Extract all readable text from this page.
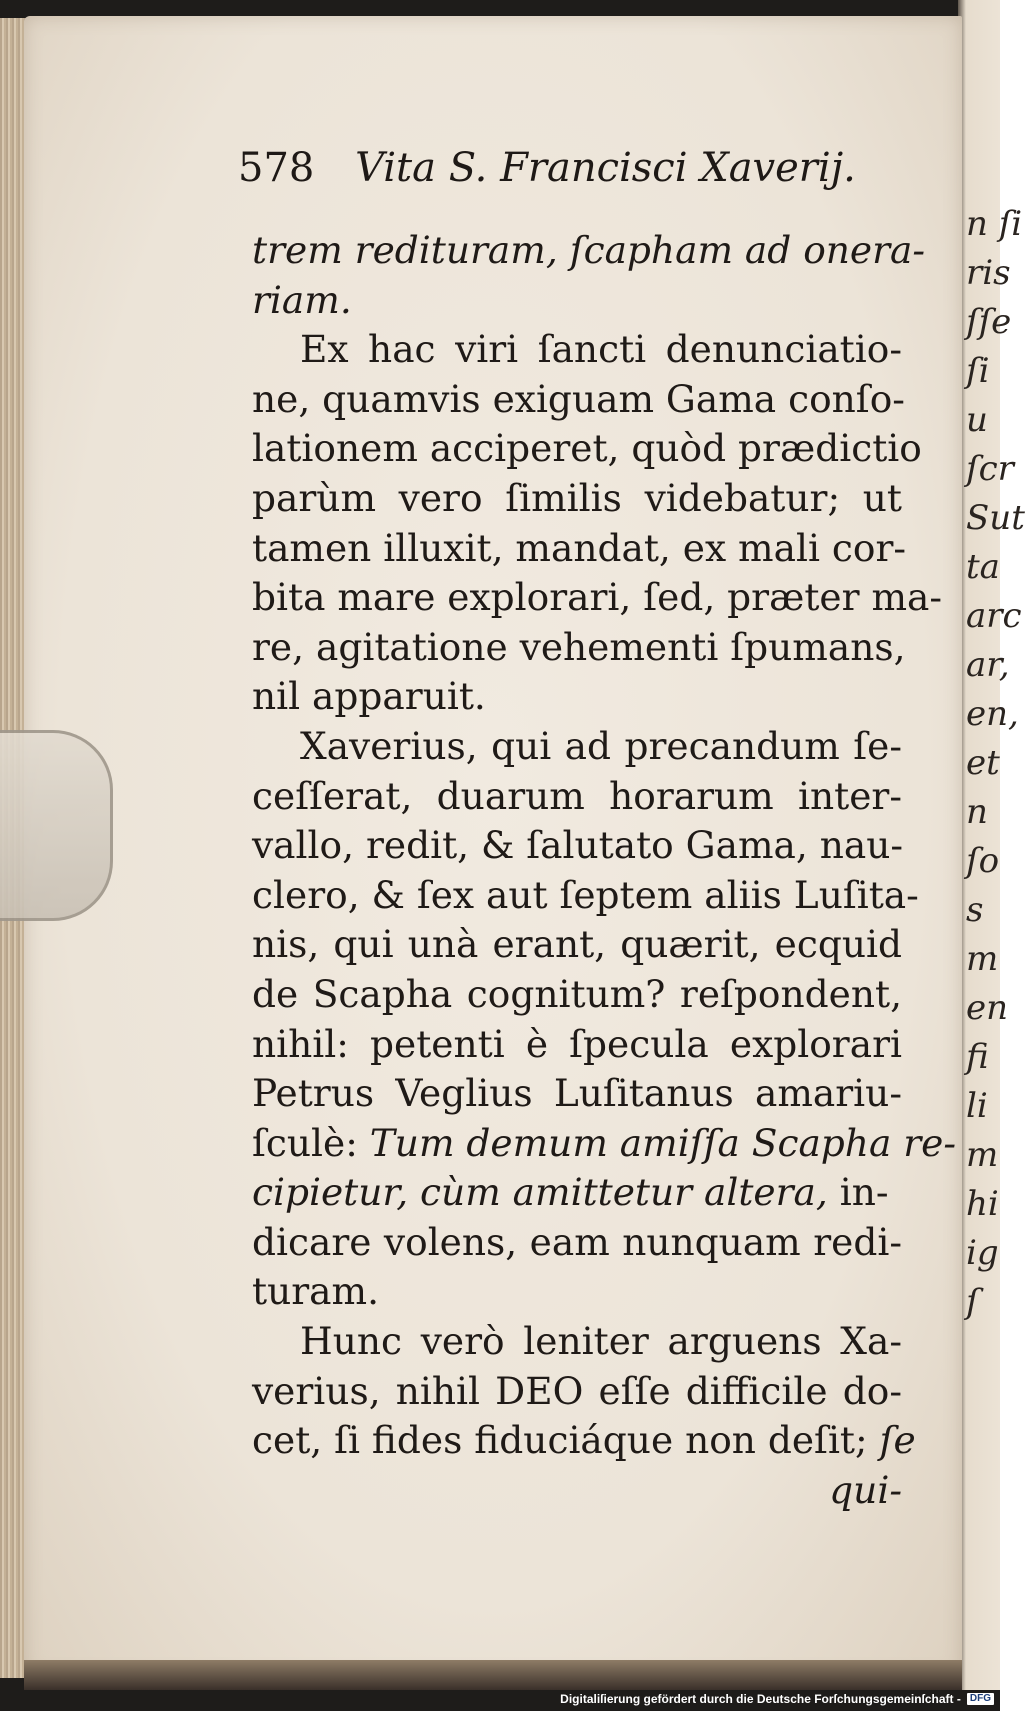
n ſi
ris
ſſe
ſi
u
ſcr
Sut
ta
arc
ar,
en,
et
n
ſo
s
m
en
fi
li
m
hi
ig
ſ
578 Vita S. Francisci Xaverij.
trem redituram, ſcapham ad onera-
riam.
Ex hac viri ſancti denunciatio-
ne, quamvis exiguam Gama conſo-
lationem acciperet, quòd prædictio
parùm vero ſimilis videbatur; ut
tamen illuxit, mandat, ex mali cor-
bita mare explorari, ſed, præter ma-
re, agitatione vehementi ſpumans,
nil apparuit.
Xaverius, qui ad precandum ſe-
ceſſerat, duarum horarum inter-
vallo, redit, & ſalutato Gama, nau-
clero, & ſex aut ſeptem aliis Luſita-
nis, qui unà erant, quærit, ecquid
de Scapha cognitum? reſpondent,
nihil: petenti è ſpecula explorari
Petrus Veglius Luſitanus amariu-
ſculè: Tum demum amiſſa Scapha re-
cipietur, cùm amittetur altera, in-
dicare volens, eam nunquam redi-
turam.
Hunc verò leniter arguens Xa-
verius, nihil DEO eſſe difficile do-
cet, ſi fides fiduciáque non deſit; ſe
qui-
Digitaliſierung gefördert durch die Deutsche Forſchungsgemeinſchaft - DFG
